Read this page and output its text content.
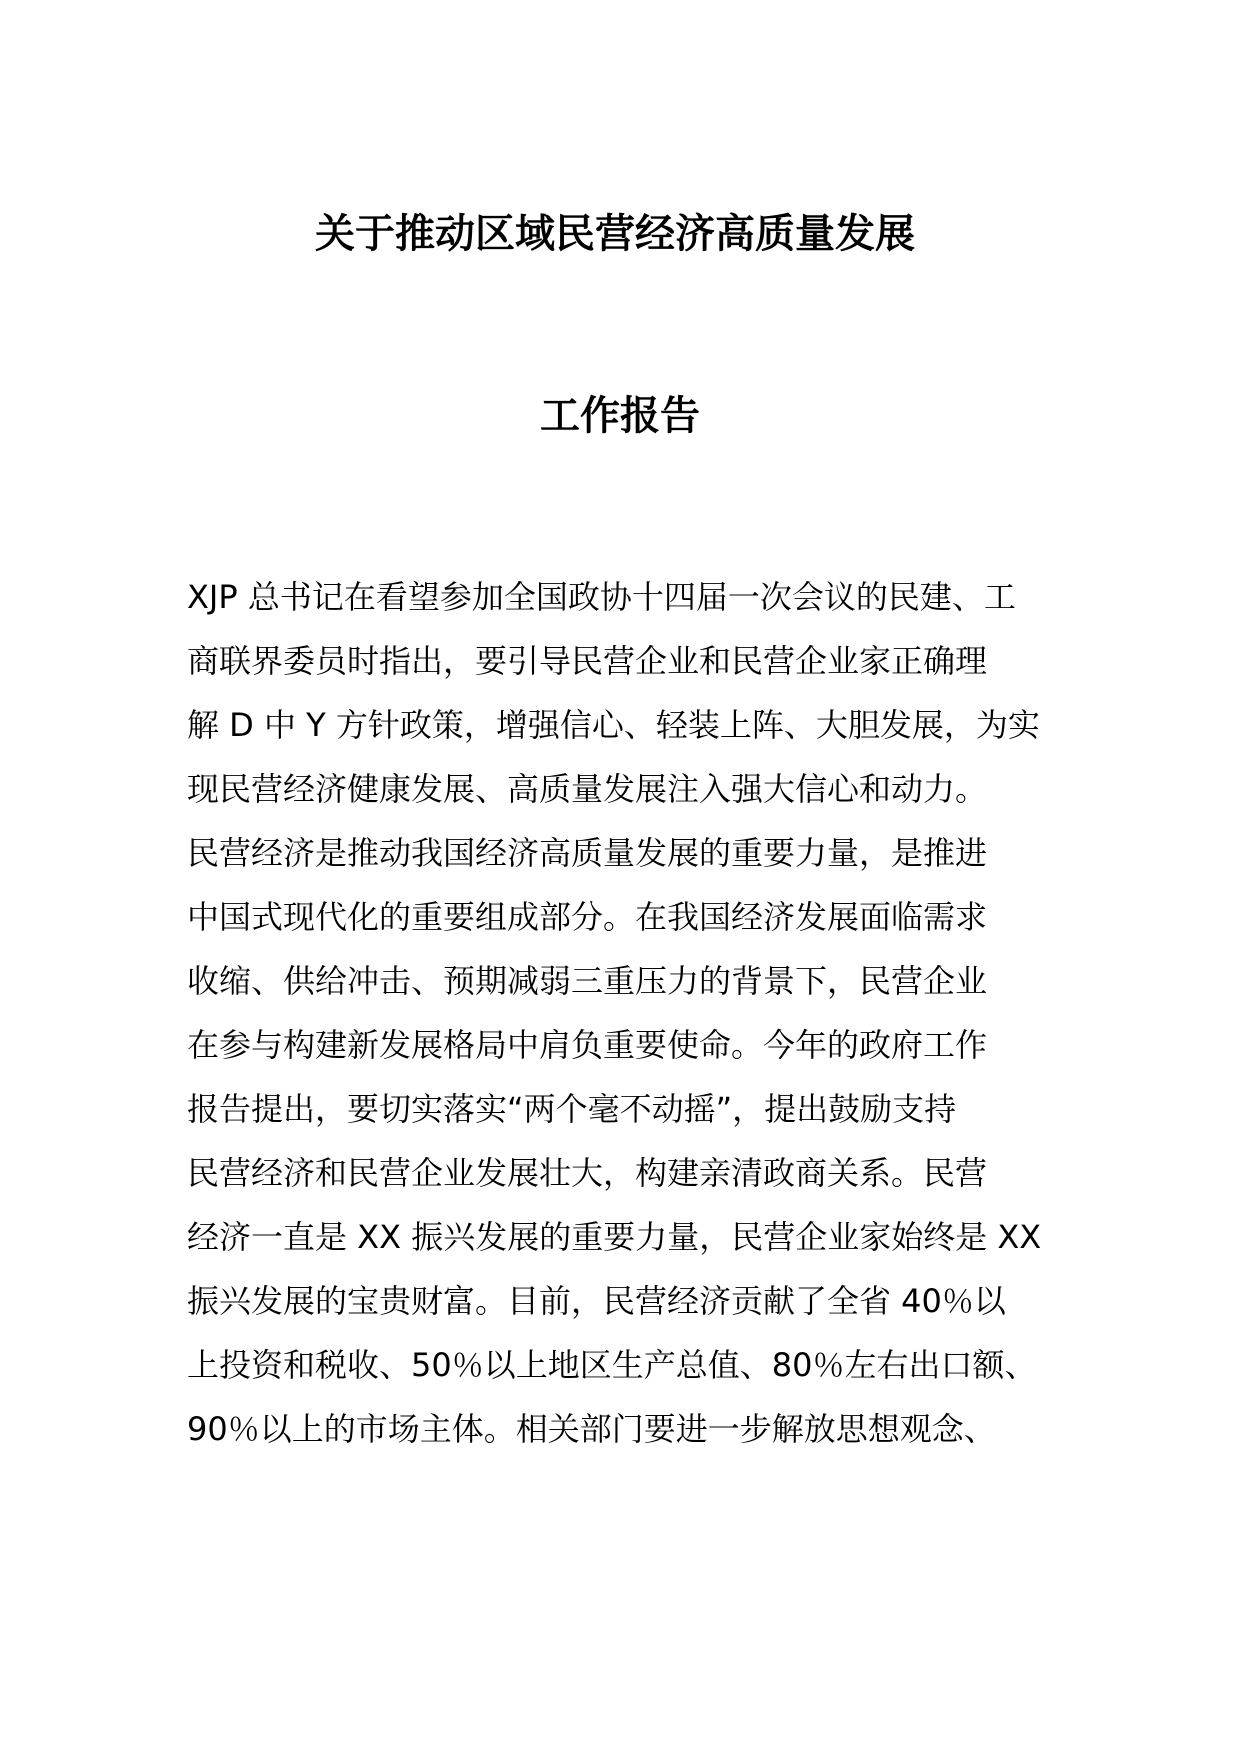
关于推动区域民营经济高质量发展
工作报告
XJP 总书记在看望参加全国政协十四届一次会议的民建、工
商联界委员时指出，要引导民营企业和民营企业家正确理
解 D 中 Y 方针政策，增强信心、轻装上阵、大胆发展，为实
现民营经济健康发展、高质量发展注入强大信心和动力。
民营经济是推动我国经济高质量发展的重要力量，是推进
中国式现代化的重要组成部分。在我国经济发展面临需求
收缩、供给冲击、预期减弱三重压力的背景下，民营企业
在参与构建新发展格局中肩负重要使命。今年的政府工作
报告提出，要切实落实“两个毫不动摇”，提出鼓励支持
民营经济和民营企业发展壮大，构建亲清政商关系。民营
经济一直是 XX 振兴发展的重要力量，民营企业家始终是 XX
振兴发展的宝贵财富。目前，民营经济贡献了全省 40％以
上投资和税收、50％以上地区生产总值、80％左右出口额、
90％以上的市场主体。相关部门要进一步解放思想观念、
